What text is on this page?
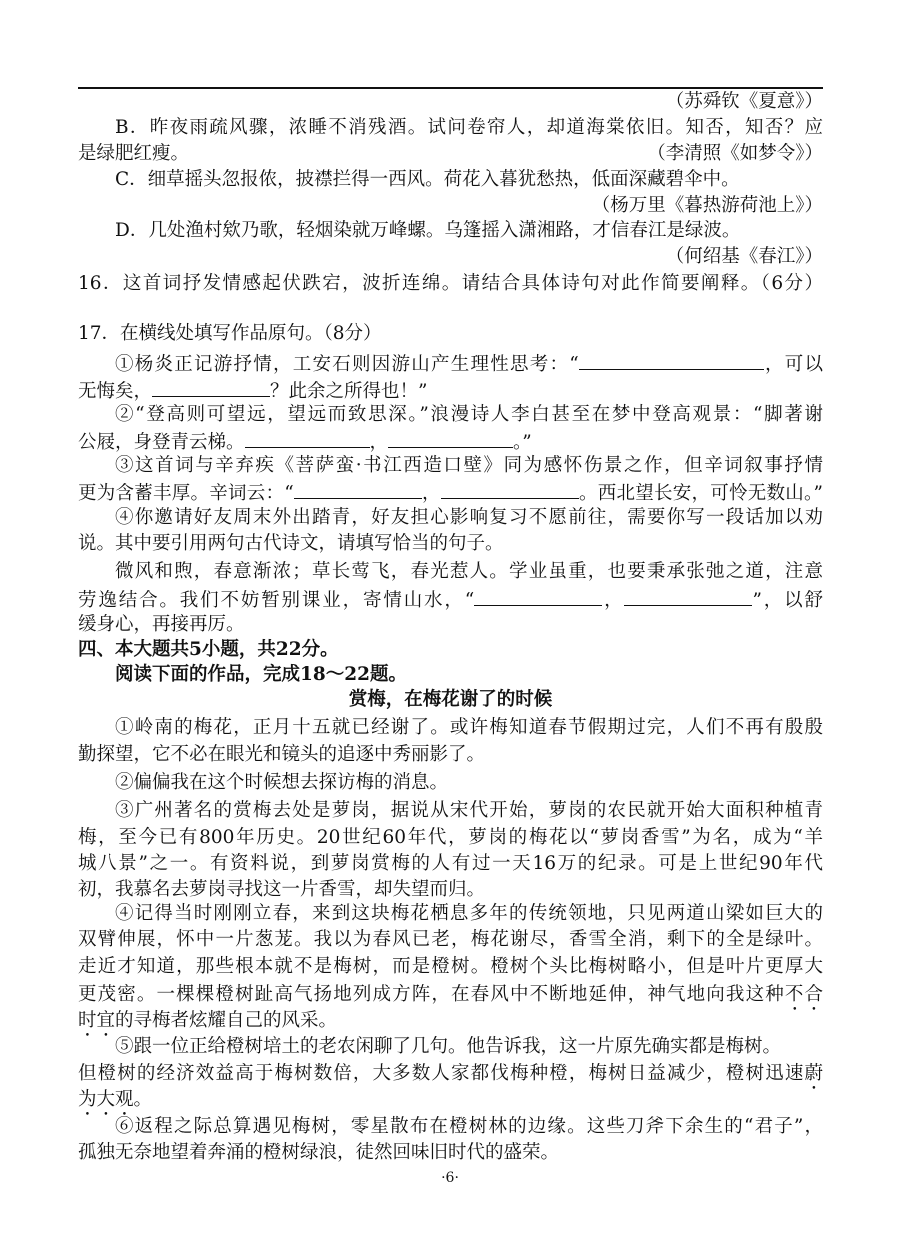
（苏舜钦《夏意》）
B．昨夜雨疏风骤，浓睡不消残酒。试问卷帘人，却道海棠依旧。知否，知否？应
（李清照《如梦令》）
是绿肥红瘦。
C．细草摇头忽报侬，披襟拦得一西风。荷花入暮犹愁热，低面深藏碧伞中。
（杨万里《暮热游荷池上》）
D．几处渔村欸乃歌，轻烟染就万峰螺。乌篷摇入潇湘路，才信春江是绿波。
（何绍基《春江》）
16．这首词抒发情感起伏跌宕，波折连绵。请结合具体诗句对此作简要阐释。（6分）
17．在横线处填写作品原句。（8分）
①杨炎正记游抒情，工安石则因游山产生理性思考：“	，可以
无悔矣，	？此余之所得也！”
②“登高则可望远，望远而致思深。”浪漫诗人李白甚至在梦中登高观景：“脚著谢
公屐，身登青云梯。	，	。”
③这首词与辛弃疾《菩萨蛮·书江西造口壁》同为感怀伤景之作，但辛词叙事抒情
更为含蓄丰厚。辛词云：“	，	。西北望长安，可怜无数山。”
④你邀请好友周末外出踏青，好友担心影响复习不愿前往，需要你写一段话加以劝
说。其中要引用两句古代诗文，请填写恰当的句子。
微风和煦，春意渐浓；草长莺飞，春光惹人。学业虽重，也要秉承张弛之道，注意
劳逸结合。我们不妨暂别课业，寄情山水，“	，	”，以舒
缓身心，再接再厉。
四、本大题共5小题，共22分。
阅读下面的作品，完成18～22题。
赏梅，在梅花谢了的时候
①岭南的梅花，正月十五就已经谢了。或许梅知道春节假期过完，人们不再有殷殷
勤探望，它不必在眼光和镜头的追逐中秀丽影了。
②偏偏我在这个时候想去探访梅的消息。
③广州著名的赏梅去处是萝岗，据说从宋代开始，萝岗的农民就开始大面积种植青
梅，至今已有800年历史。20世纪60年代，萝岗的梅花以“萝岗香雪”为名，成为“羊
城八景”之一。有资料说，到萝岗赏梅的人有过一天16万的纪录。可是上世纪90年代
初，我慕名去萝岗寻找这一片香雪，却失望而归。
④记得当时刚刚立春，来到这块梅花栖息多年的传统领地，只见两道山梁如巨大的
双臂伸展，怀中一片葱茏。我以为春风已老，梅花谢尽，香雪全消，剩下的全是绿叶。
走近才知道，那些根本就不是梅树，而是橙树。橙树个头比梅树略小，但是叶片更厚大
更茂密。一棵棵橙树趾高气扬地列成方阵，在春风中不断地延伸，神气地向我这种不合
时宜的寻梅者炫耀自己的风采。
⑤跟一位正给橙树培土的老农闲聊了几句。他告诉我，这一片原先确实都是梅树。
但橙树的经济效益高于梅树数倍，大多数人家都伐梅种橙，梅树日益减少，橙树迅速蔚
为大观。
⑥返程之际总算遇见梅树，零星散布在橙树林的边缘。这些刀斧下余生的“君子”，
孤独无奈地望着奔涌的橙树绿浪，徒然回味旧时代的盛荣。
·6·
